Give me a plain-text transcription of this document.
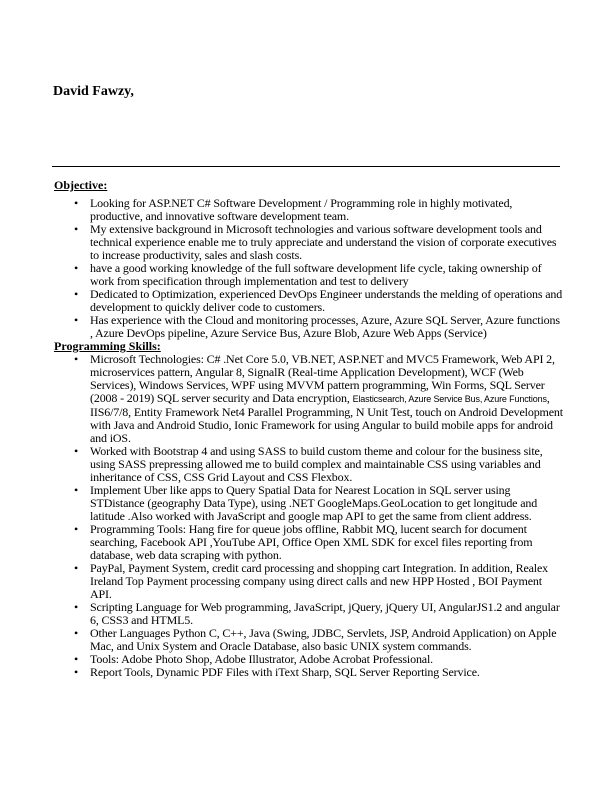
David Fawzy,
Objective:
• Looking for ASP.NET C# Software Development / Programming role in highly motivated, productive, and innovative software development team.
• My extensive background in Microsoft technologies and various software development tools and technical experience enable me to truly appreciate and understand the vision of corporate executives to increase productivity, sales and slash costs.
• have a good working knowledge of the full software development life cycle, taking ownership of work from specification through implementation and test to delivery
• Dedicated to Optimization, experienced DevOps Engineer understands the melding of operations and development to quickly deliver code to customers.
• Has experience with the Cloud and monitoring processes, Azure, Azure SQL Server, Azure functions , Azure DevOps pipeline, Azure Service Bus, Azure Blob, Azure Web Apps (Service)
Programming Skills:
• Microsoft Technologies: C# .Net Core 5.0, VB.NET, ASP.NET and MVC5 Framework, Web API 2, microservices pattern, Angular 8, SignalR (Real-time Application Development), WCF (Web Services), Windows Services, WPF using MVVM pattern programming, Win Forms, SQL Server (2008 - 2019) SQL server security and Data encryption, Elasticsearch, Azure Service Bus, Azure Functions, IIS6/7/8, Entity Framework Net4 Parallel Programming, N Unit Test, touch on Android Development with Java and Android Studio, Ionic Framework for using Angular to build mobile apps for android and iOS.
• Worked with Bootstrap 4 and using SASS to build custom theme and colour for the business site, using SASS prepressing allowed me to build complex and maintainable CSS using variables and inheritance of CSS, CSS Grid Layout and CSS Flexbox.
• Implement Uber like apps to Query Spatial Data for Nearest Location in SQL server using STDistance (geography Data Type), using .NET GoogleMaps.GeoLocation to get longitude and latitude .Also worked with JavaScript and google map API to get the same from client address.
• Programming Tools: Hang fire for queue jobs offline, Rabbit MQ, lucent search for document searching, Facebook API ,YouTube API, Office Open XML SDK for excel files reporting from database, web data scraping with python.
• PayPal, Payment System, credit card processing and shopping cart Integration. In addition, Realex Ireland Top Payment processing company using direct calls and new HPP Hosted , BOI Payment API.
• Scripting Language for Web programming, JavaScript, jQuery, jQuery UI, AngularJS1.2 and angular 6, CSS3 and HTML5.
• Other Languages Python C, C++, Java (Swing, JDBC, Servlets, JSP, Android Application) on Apple Mac, and Unix System and Oracle Database, also basic UNIX system commands.
• Tools: Adobe Photo Shop, Adobe Illustrator, Adobe Acrobat Professional.
• Report Tools, Dynamic PDF Files with iText Sharp, SQL Server Reporting Service.
